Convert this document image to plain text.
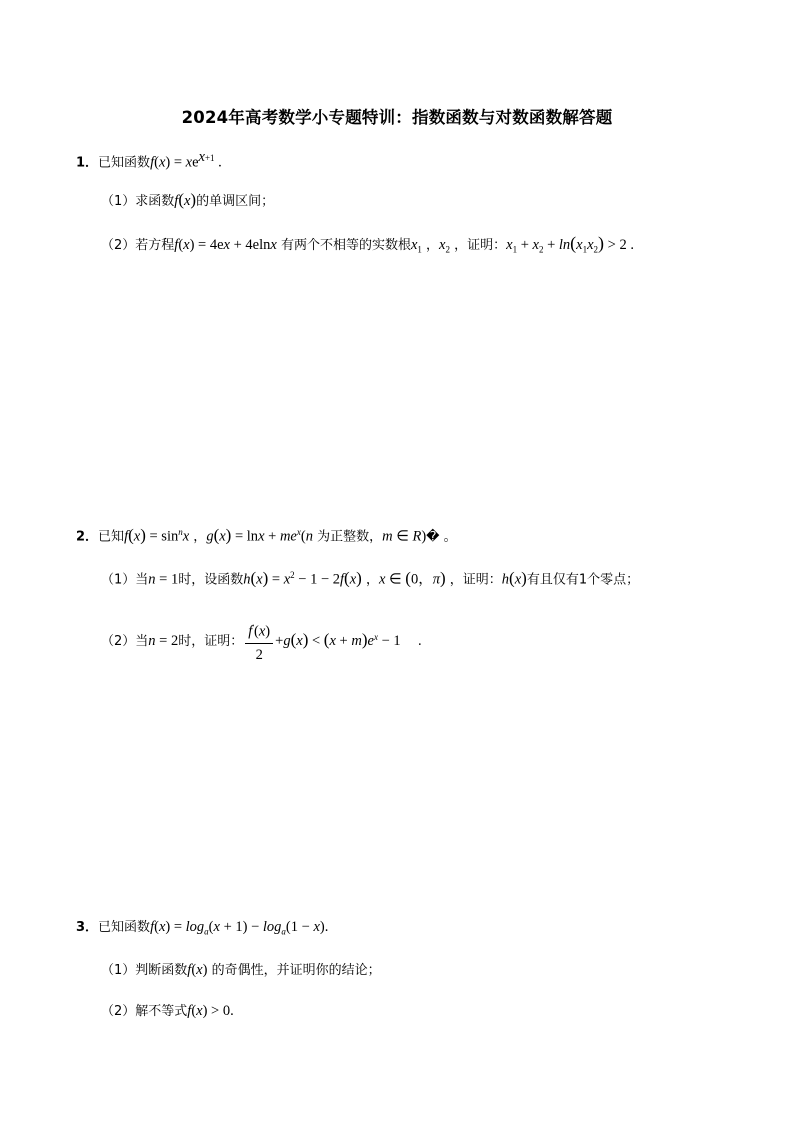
2024年高考数学小专题特训：指数函数与对数函数解答题
1．已知函数$f(x) = xe^{x+1}$ .
（1）求函数f(x)的单调区间；
（2）若方程f(x) = 4ex + 4elnx 有两个不相等的实数根$x_1$ ，$x_2$ ，证明：$x_1 + x_2 + \ln(x_1x_2) > 2$ .
2．已知$f(x) = \sin^nx$ ，$g(x) = \ln x + me^x(n$ 为正整数，m ∈ R)� 。
（1）当n = 1时，设函数$h(x) = x^2 - 1 - 2f(x)$ ，x ∈ (0，π) ，证明：h(x)有且仅有1个零点；
（2）当n = 2时，证明： $\frac{f'(x)}{2} +g(x) < (x + m)e^x - 1$　 .
3．已知函数$f(x) = \log_a(x + 1) - \log_a(1 - x)$.
（1）判断函数f(x) 的奇偶性，并证明你的结论；
（2）解不等式f(x) > 0.
